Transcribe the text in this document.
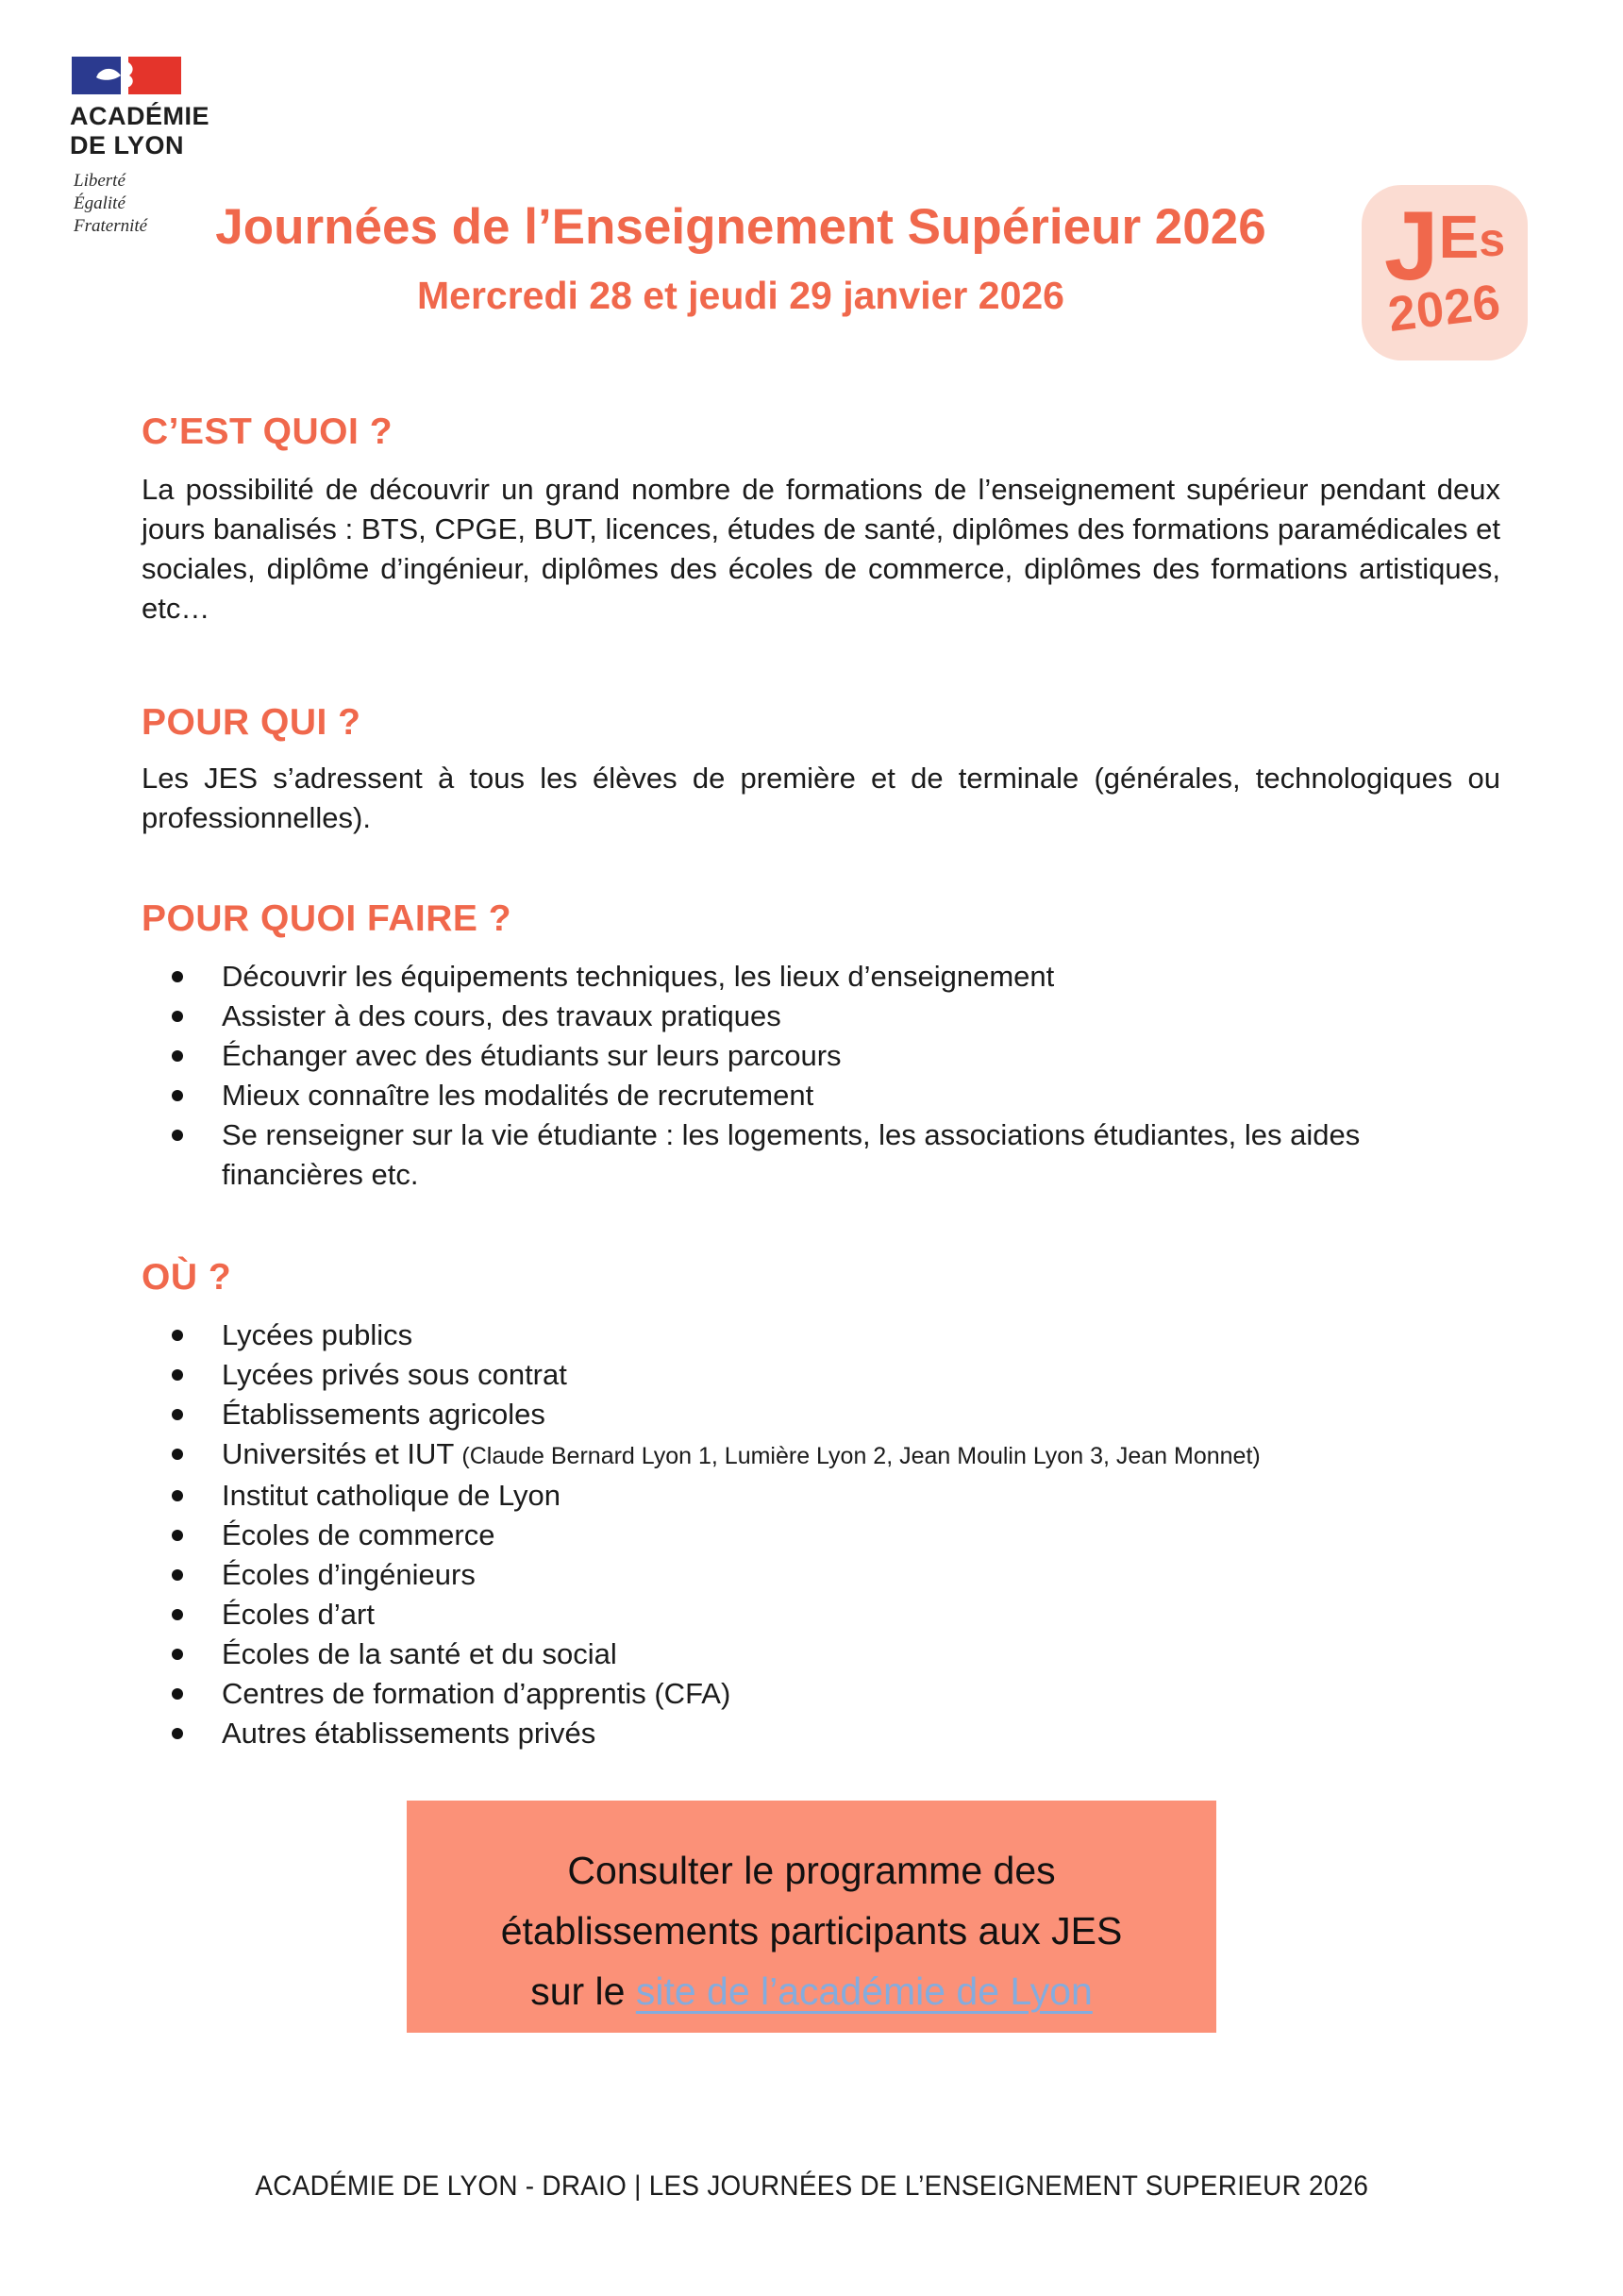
ACADÉMIE
DE LYON
Liberté
Égalité
Fraternité	Journées de l’Enseignement Supérieur 2026
Mercredi 28 et jeudi 29 janvier 2026	J E s
2026
C’EST QUOI ?

La possibilité de découvrir un grand nombre de formations de l’enseignement supérieur pendant deux jours banalisés : BTS, CPGE, BUT, licences, études de santé, diplômes des formations paramédicales et sociales, diplôme d’ingénieur, diplômes des écoles de commerce, diplômes des formations artistiques, etc…

POUR QUI ?

Les JES s’adressent à tous les élèves de première et de terminale (générales, technologiques ou professionnelles).

POUR QUOI FAIRE ?
Découvrir les équipements techniques, les lieux d’enseignement
Assister à des cours, des travaux pratiques
Échanger avec des étudiants sur leurs parcours
Mieux connaître les modalités de recrutement
Se renseigner sur la vie étudiante : les logements, les associations étudiantes, les aides financières etc.
OÙ ?
Lycées publics
Lycées privés sous contrat
Établissements agricoles
Universités et IUT (Claude Bernard Lyon 1, Lumière Lyon 2, Jean Moulin Lyon 3, Jean Monnet)
Institut catholique de Lyon
Écoles de commerce
Écoles d’ingénieurs
Écoles d’art
Écoles de la santé et du social
Centres de formation d’apprentis (CFA)
Autres établissements privés
Consulter le programme des
établissements participants aux JES
sur le site de l’académie de Lyon
ACADÉMIE DE LYON - DRAIO | LES JOURNÉES DE L’ENSEIGNEMENT SUPERIEUR 2026
